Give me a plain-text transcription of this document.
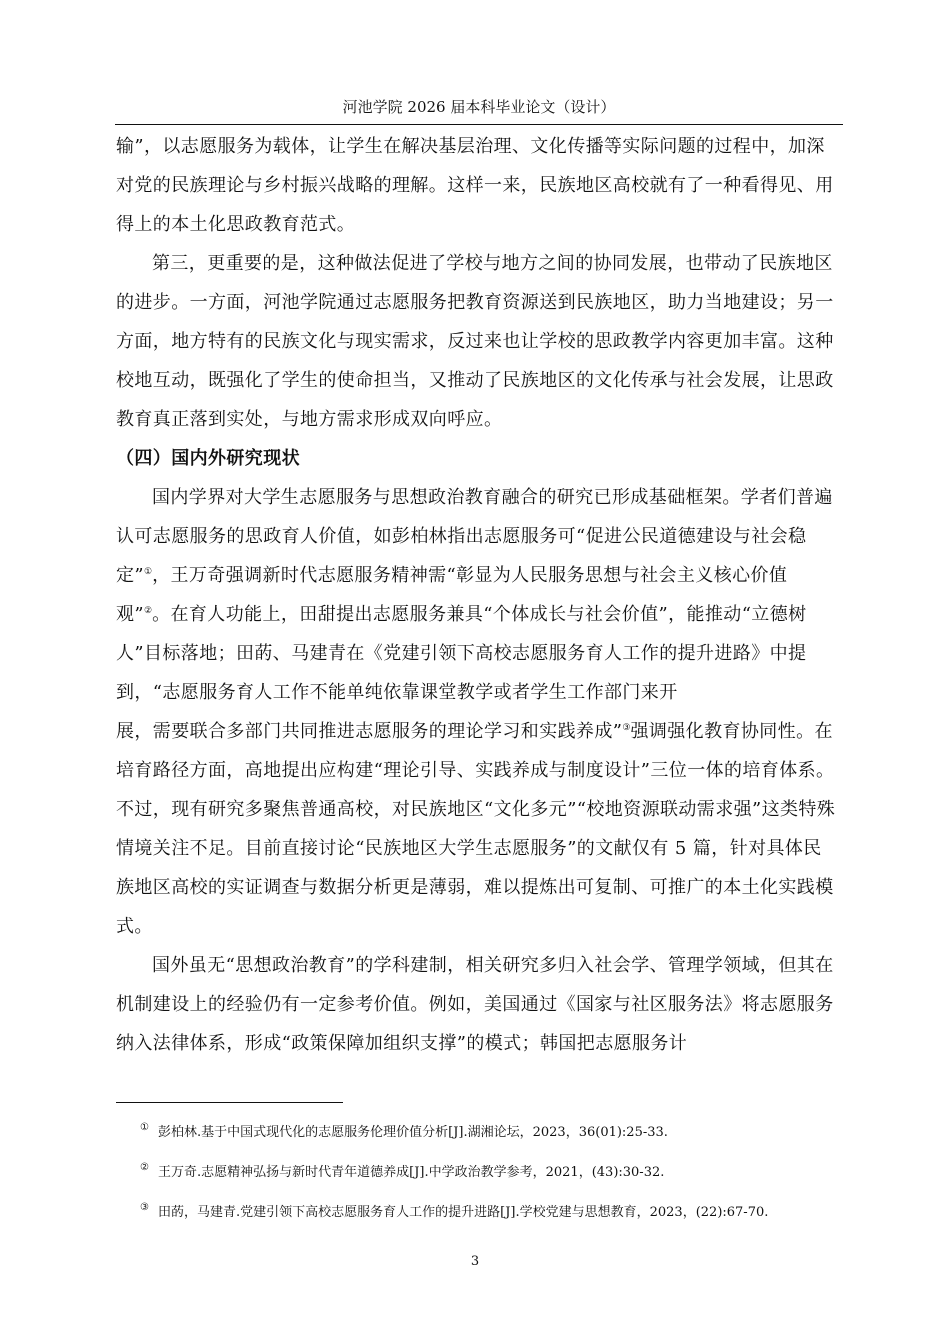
河池学院 2026 届本科毕业论文（设计）

输”，以志愿服务为载体，让学生在解决基层治理、文化传播等实际问题的过程中，加深对党的民族理论与乡村振兴战略的理解。这样一来，民族地区高校就有了一种看得见、用得上的本土化思政教育范式。

第三，更重要的是，这种做法促进了学校与地方之间的协同发展，也带动了民族地区的进步。一方面，河池学院通过志愿服务把教育资源送到民族地区，助力当地建设；另一方面，地方特有的民族文化与现实需求，反过来也让学校的思政教学内容更加丰富。这种校地互动，既强化了学生的使命担当，又推动了民族地区的文化传承与社会发展，让思政教育真正落到实处，与地方需求形成双向呼应。

（四）国内外研究现状

国内学界对大学生志愿服务与思想政治教育融合的研究已形成基础框架。学者们普遍认可志愿服务的思政育人价值，如彭柏林指出志愿服务可“促进公民道德建设与社会稳定”①，王万奇强调新时代志愿服务精神需“彰显为人民服务思想与社会主义核心价值观”②。在育人功能上，田甜提出志愿服务兼具“个体成长与社会价值”，能推动“立德树人”目标落地；田菂、马建青在《党建引领下高校志愿服务育人工作的提升进路》中提到，“志愿服务育人工作不能单纯依靠课堂教学或者学生工作部门来开展，需要联合多部门共同推进志愿服务的理论学习和实践养成”③强调强化教育协同性。在培育路径方面，高地提出应构建“理论引导、实践养成与制度设计”三位一体的培育体系。不过，现有研究多聚焦普通高校，对民族地区“文化多元”“校地资源联动需求强”这类特殊情境关注不足。目前直接讨论“民族地区大学生志愿服务”的文献仅有 5 篇，针对具体民族地区高校的实证调查与数据分析更是薄弱，难以提炼出可复制、可推广的本土化实践模式。

国外虽无“思想政治教育”的学科建制，相关研究多归入社会学、管理学领域，但其在机制建设上的经验仍有一定参考价值。例如，美国通过《国家与社区服务法》将志愿服务纳入法律体系，形成“政策保障加组织支撑”的模式；韩国把志愿服务计

① 彭柏林.基于中国式现代化的志愿服务伦理价值分析[J].湖湘论坛，2023，36(01):25-33.
② 王万奇.志愿精神弘扬与新时代青年道德养成[J].中学政治教学参考，2021，(43):30-32.
③ 田菂，马建青.党建引领下高校志愿服务育人工作的提升进路[J].学校党建与思想教育，2023，(22):67-70.
3
